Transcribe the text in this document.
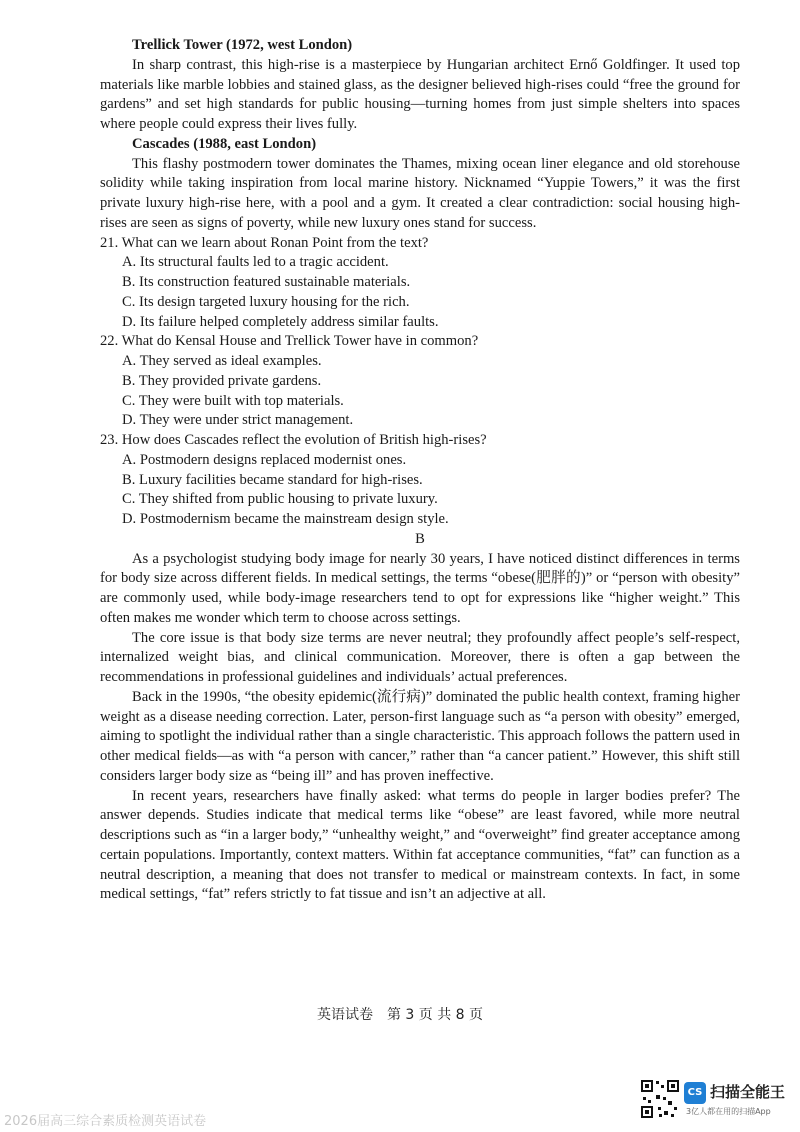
Trellick Tower (1972, west London)

In sharp contrast, this high-rise is a masterpiece by Hungarian architect Ernő Goldfinger. It used top materials like marble lobbies and stained glass, as the designer believed high-rises could “free the ground for gardens” and set high standards for public housing—turning homes from just simple shelters into spaces where people could express their lives fully.

Cascades (1988, east London)

This flashy postmodern tower dominates the Thames, mixing ocean liner elegance and old storehouse solidity while taking inspiration from local marine history. Nicknamed “Yuppie Towers,” it was the first private luxury high-rise here, with a pool and a gym. It created a clear contradiction: social housing high-rises are seen as signs of poverty, while new luxury ones stand for success.

21. What can we learn about Ronan Point from the text?

A. Its structural faults led to a tragic accident.

B. Its construction featured sustainable materials.

C. Its design targeted luxury housing for the rich.

D. Its failure helped completely address similar faults.

22. What do Kensal House and Trellick Tower have in common?

A. They served as ideal examples.

B. They provided private gardens.

C. They were built with top materials.

D. They were under strict management.

23. How does Cascades reflect the evolution of British high-rises?

A. Postmodern designs replaced modernist ones.

B. Luxury facilities became standard for high-rises.

C. They shifted from public housing to private luxury.

D. Postmodernism became the mainstream design style.

B

As a psychologist studying body image for nearly 30 years, I have noticed distinct differences in terms for body size across different fields. In medical settings, the terms “obese(肥胖的)” or “person with obesity” are commonly used, while body-image researchers tend to opt for expressions like “higher weight.” This often makes me wonder which term to choose across settings.

The core issue is that body size terms are never neutral; they profoundly affect people’s self-respect, internalized weight bias, and clinical communication. Moreover, there is often a gap between the recommendations in professional guidelines and individuals’ actual preferences.

Back in the 1990s, “the obesity epidemic(流行病)” dominated the public health context, framing higher weight as a disease needing correction. Later, person-first language such as “a person with obesity” emerged, aiming to spotlight the individual rather than a single characteristic. This approach follows the pattern used in other medical fields—as with “a person with cancer,” rather than “a cancer patient.” However, this shift still considers larger body size as “being ill” and has proven ineffective.

In recent years, researchers have finally asked: what terms do people in larger bodies prefer? The answer depends. Studies indicate that medical terms like “obese” are least favored, while more neutral descriptions such as “in a larger body,” “unhealthy weight,” and “overweight” find greater acceptance among certain populations. Importantly, context matters. Within fat acceptance communities, “fat” can function as a neutral description, a meaning that does not transfer to medical or mainstream contexts. In fact, in some medical settings, “fat” refers strictly to fat tissue and isn’t an adjective at all.

英语试卷　第 3 页 共 8 页
2026届高三综合素质检测英语试卷
CS 扫描全能王
3亿人都在用的扫描App
